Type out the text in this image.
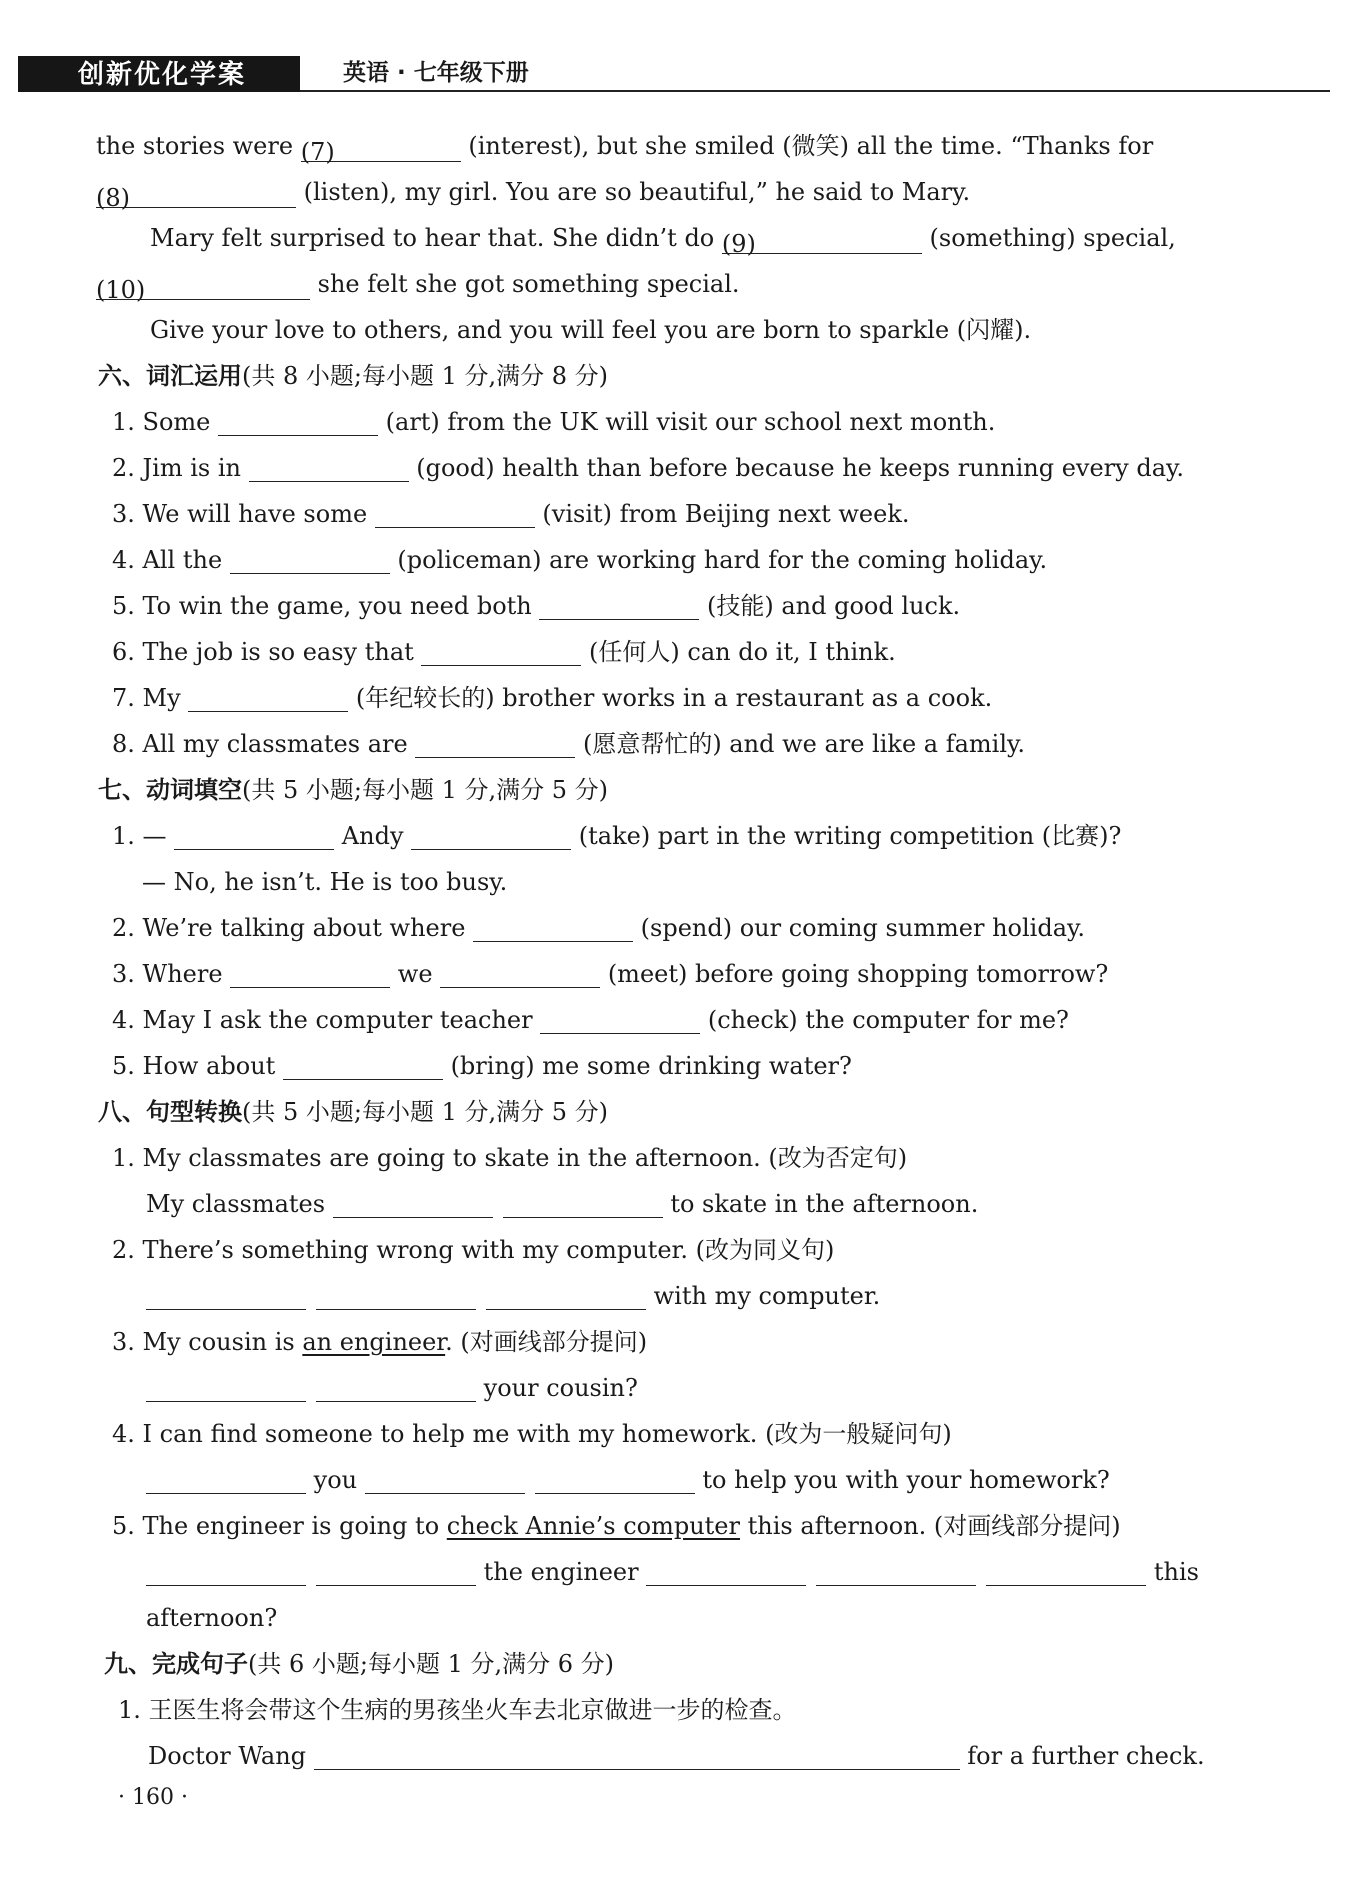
创新优化学案	英语 · 七年级下册
the stories were (7)	(interest), but she smiled (微笑) all the time. “Thanks for
(8)	(listen), my girl. You are so beautiful,” he said to Mary.
Mary felt surprised to hear that. She didn’t do (9)	(something) special,
(10)	she felt she got something special.
Give your love to others, and you will feel you are born to sparkle (闪耀).
六、词汇运用(共 8 小题;每小题 1 分,满分 8 分)
1. Some	(art) from the UK will visit our school next month.
2. Jim is in	(good) health than before because he keeps running every day.
3. We will have some	(visit) from Beijing next week.
4. All the	(policeman) are working hard for the coming holiday.
5. To win the game, you need both	(技能) and good luck.
6. The job is so easy that	(任何人) can do it, I think.
7. My	(年纪较长的) brother works in a restaurant as a cook.
8. All my classmates are	(愿意帮忙的) and we are like a family.
七、动词填空(共 5 小题;每小题 1 分,满分 5 分)
1. —	Andy	(take) part in the writing competition (比赛)?
— No, he isn’t. He is too busy.
2. We’re talking about where	(spend) our coming summer holiday.
3. Where	we	(meet) before going shopping tomorrow?
4. May I ask the computer teacher	(check) the computer for me?
5. How about	(bring) me some drinking water?
八、句型转换(共 5 小题;每小题 1 分,满分 5 分)
1. My classmates are going to skate in the afternoon. (改为否定句)
My classmates	to skate in the afternoon.
2. There’s something wrong with my computer. (改为同义句)
with my computer.
3. My cousin is an engineer. (对画线部分提问)
your cousin?
4. I can find someone to help me with my homework. (改为一般疑问句)
you	to help you with your homework?
5. The engineer is going to check Annie’s computer this afternoon. (对画线部分提问)
the engineer	this
afternoon?
九、完成句子(共 6 小题;每小题 1 分,满分 6 分)
1. 王医生将会带这个生病的男孩坐火车去北京做进一步的检查。
Doctor Wang	for a further check.
· 160 ·
